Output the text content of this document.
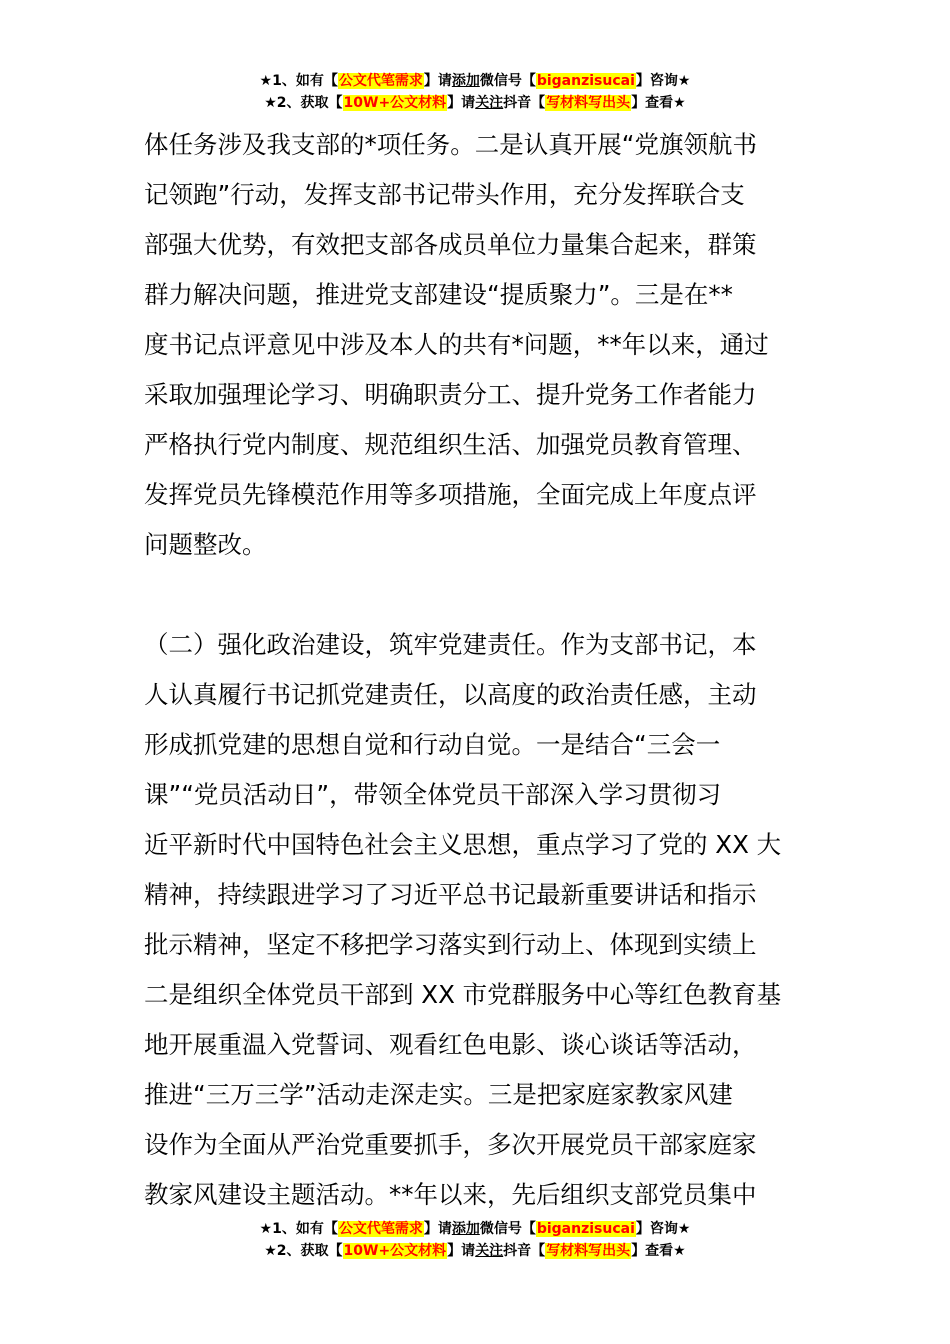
★1、如有【公文代笔需求】请添加微信号【biganzisucai】咨询★
★2、获取【10W+公文材料】请关注抖音【写材料写出头】查看★
体任务涉及我支部的*项任务。二是认真开展“党旗领航书
记领跑”行动，发挥支部书记带头作用，充分发挥联合支
部强大优势，有效把支部各成员单位力量集合起来，群策
群力解决问题，推进党支部建设“提质聚力”。三是在**
度书记点评意见中涉及本人的共有*问题，**年以来，通过
采取加强理论学习、明确职责分工、提升党务工作者能力
严格执行党内制度、规范组织生活、加强党员教育管理、
发挥党员先锋模范作用等多项措施，全面完成上年度点评
问题整改。
（二）强化政治建设，筑牢党建责任。作为支部书记，本
人认真履行书记抓党建责任，以高度的政治责任感，主动
形成抓党建的思想自觉和行动自觉。一是结合“三会一
课”“党员活动日”，带领全体党员干部深入学习贯彻习
近平新时代中国特色社会主义思想，重点学习了党的 XX 大
精神，持续跟进学习了习近平总书记最新重要讲话和指示
批示精神，坚定不移把学习落实到行动上、体现到实绩上
二是组织全体党员干部到 XX 市党群服务中心等红色教育基
地开展重温入党誓词、观看红色电影、谈心谈话等活动，
推进“三万三学”活动走深走实。三是把家庭家教家风建
设作为全面从严治党重要抓手，多次开展党员干部家庭家
教家风建设主题活动。**年以来，先后组织支部党员集中
★1、如有【公文代笔需求】请添加微信号【biganzisucai】咨询★
★2、获取【10W+公文材料】请关注抖音【写材料写出头】查看★
